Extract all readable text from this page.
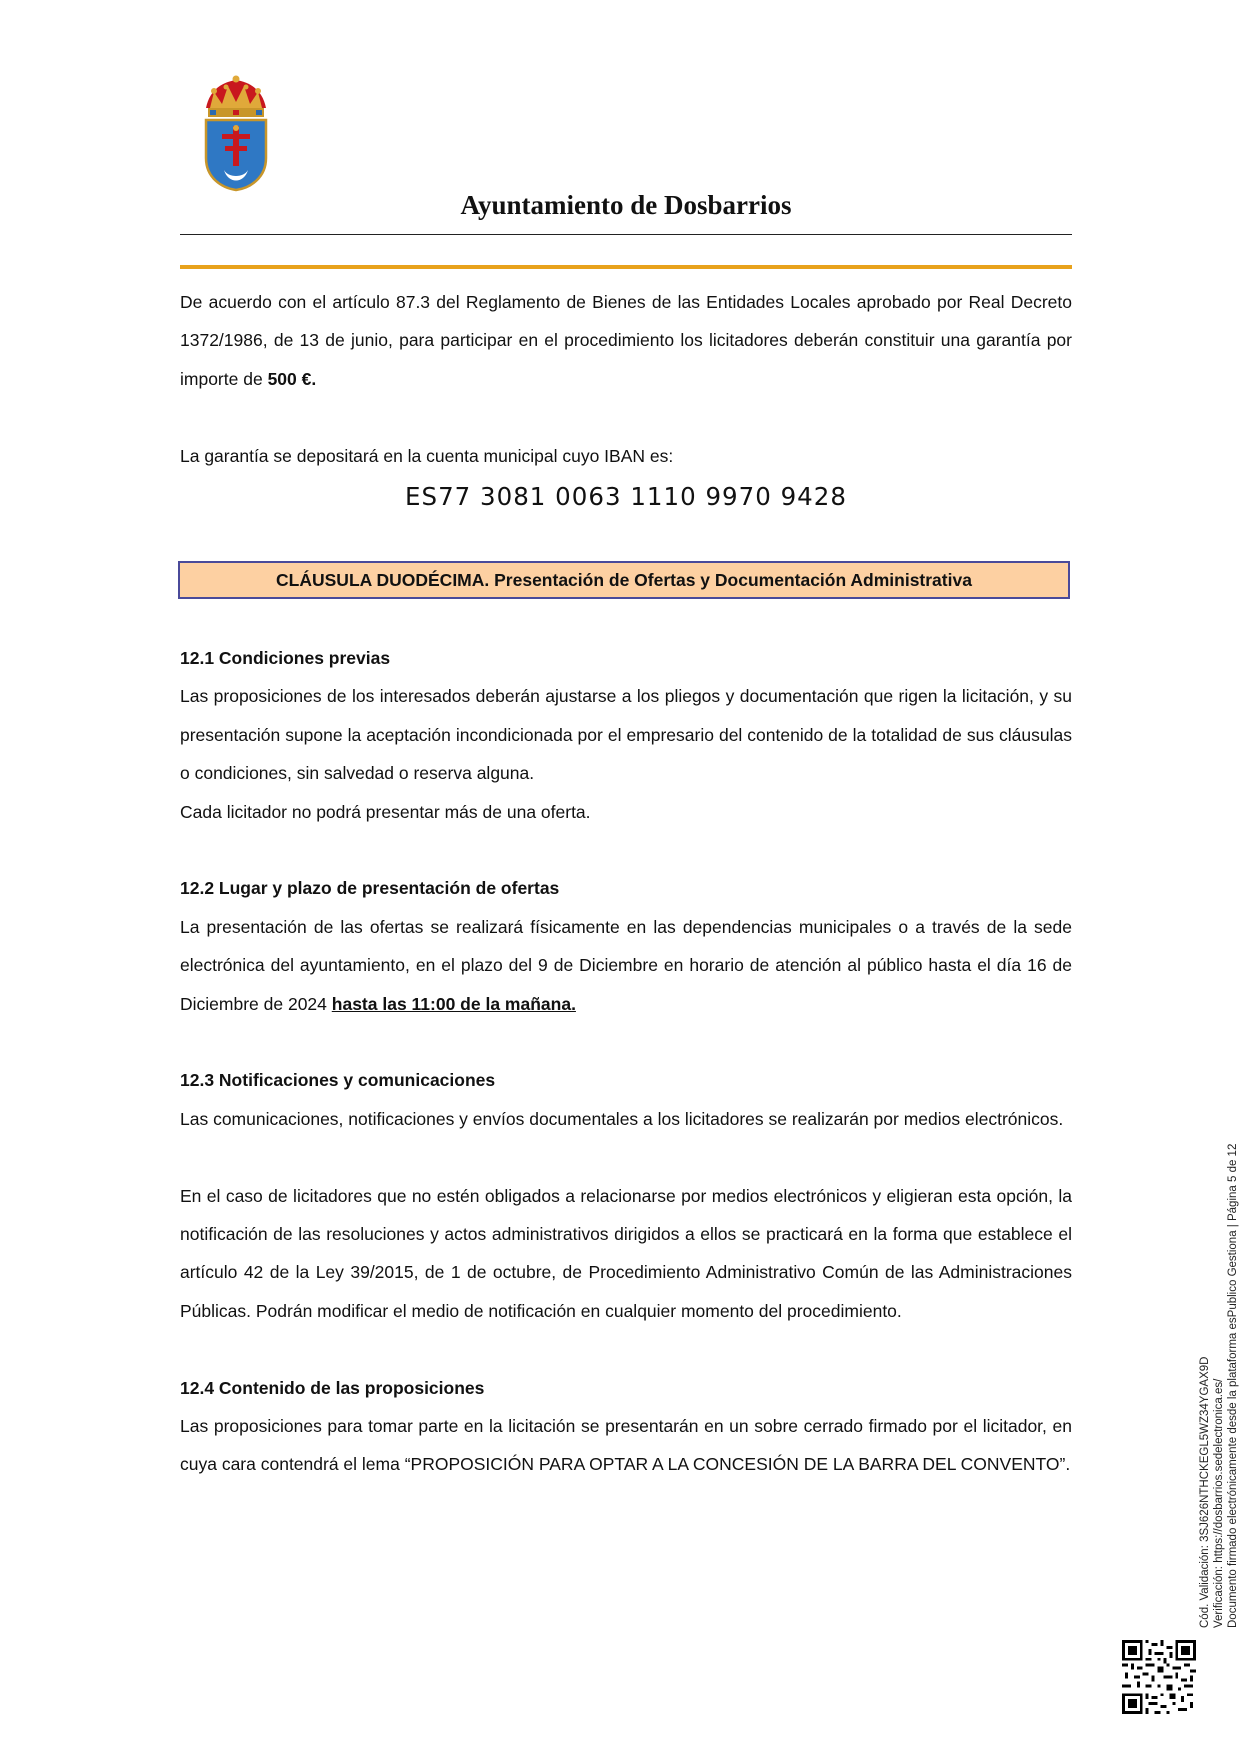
Ayuntamiento de Dosbarrios

De acuerdo con el artículo 87.3 del Reglamento de Bienes de las Entidades Locales aprobado por Real Decreto 1372/1986, de 13 de junio, para participar en el procedimiento los licitadores deberán constituir una garantía por importe de 500 €.

La garantía se depositará en la cuenta municipal cuyo IBAN es:

ES77 3081 0063 1110 9970 9428

CLÁUSULA DUODÉCIMA. Presentación de Ofertas y Documentación Administrativa

12.1 Condiciones previas

Las proposiciones de los interesados deberán ajustarse a los pliegos y documentación que rigen la licitación, y su presentación supone la aceptación incondicionada por el empresario del contenido de la totalidad de sus cláusulas o condiciones, sin salvedad o reserva alguna.

Cada licitador no podrá presentar más de una oferta.

12.2 Lugar y plazo de presentación de ofertas

La presentación de las ofertas se realizará físicamente en las dependencias municipales o a través de la sede electrónica del ayuntamiento, en el plazo del 9 de Diciembre en horario de atención al público hasta el día 16 de Diciembre de 2024 hasta las 11:00 de la mañana.

12.3 Notificaciones y comunicaciones

Las comunicaciones, notificaciones y envíos documentales a los licitadores se realizarán por medios electrónicos.

En el caso de licitadores que no estén obligados a relacionarse por medios electrónicos y eligieran esta opción, la notificación de las resoluciones y actos administrativos dirigidos a ellos se practicará en la forma que establece el artículo 42 de la Ley 39/2015, de 1 de octubre, de Procedimiento Administrativo Común de las Administraciones Públicas. Podrán modificar el medio de notificación en cualquier momento del procedimiento.

12.4 Contenido de las proposiciones

Las proposiciones para tomar parte en la licitación se presentarán en un sobre cerrado firmado por el licitador, en cuya cara contendrá el lema “PROPOSICIÓN PARA OPTAR A LA CONCESIÓN DE LA BARRA DEL CONVENTO”.	Cód. Validación: 3SJ626NTHCKEGL5WZ34YGAX9D Verificación: https://dosbarrios.sedelectronica.es/ Documento firmado electrónicamente desde la plataforma esPublico Gestiona | Página 5 de 12
